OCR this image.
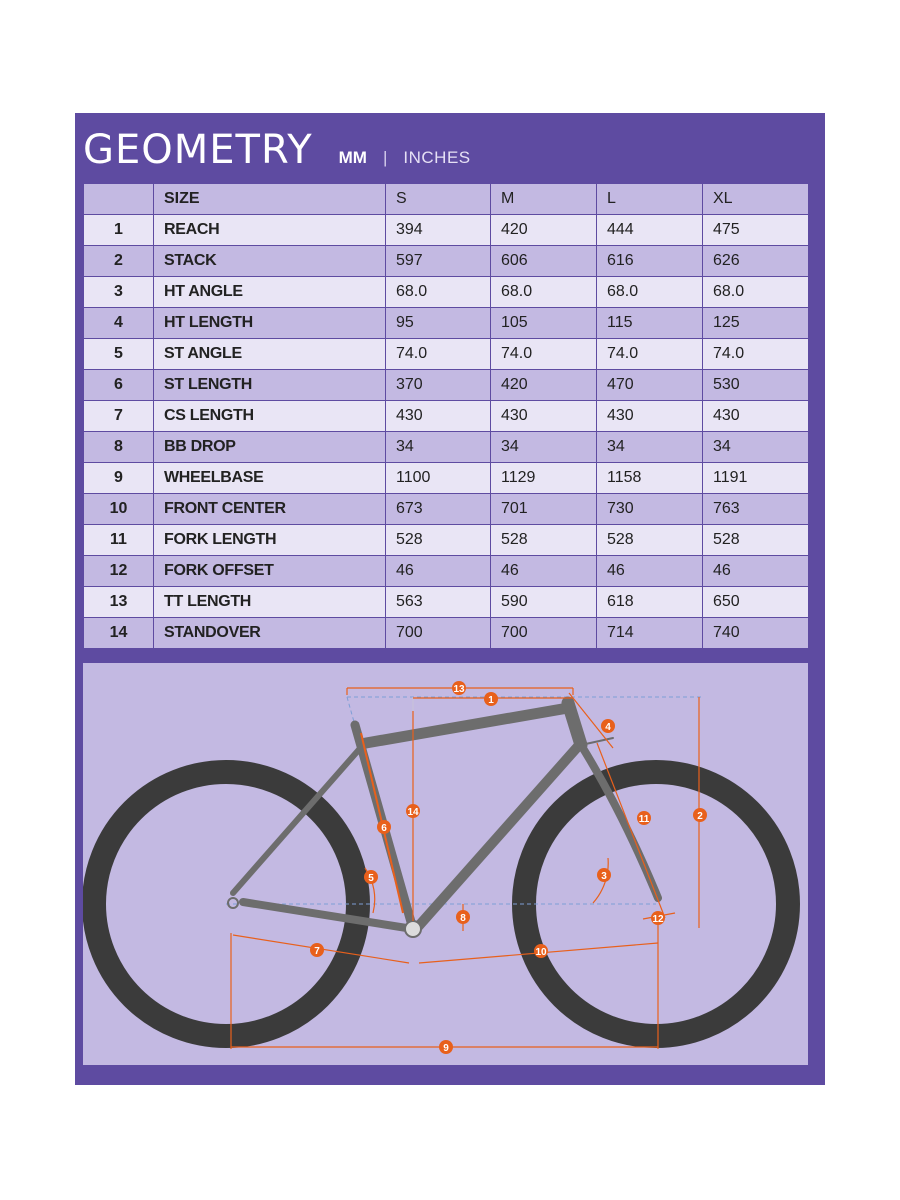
GEOMETRY MM | INCHES
	SIZE	S	M	L	XL
1	REACH	394	420	444	475
2	STACK	597	606	616	626
3	HT ANGLE	68.0	68.0	68.0	68.0
4	HT LENGTH	95	105	115	125
5	ST ANGLE	74.0	74.0	74.0	74.0
6	ST LENGTH	370	420	470	530
7	CS LENGTH	430	430	430	430
8	BB DROP	34	34	34	34
9	WHEELBASE	1100	1129	1158	1191
10	FRONT CENTER	673	701	730	763
11	FORK LENGTH	528	528	528	528
12	FORK OFFSET	46	46	46	46
13	TT LENGTH	563	590	618	650
14	STANDOVER	700	700	714	740
1
2
3
4
5
6
7
8
9
10
11
12
13
14
